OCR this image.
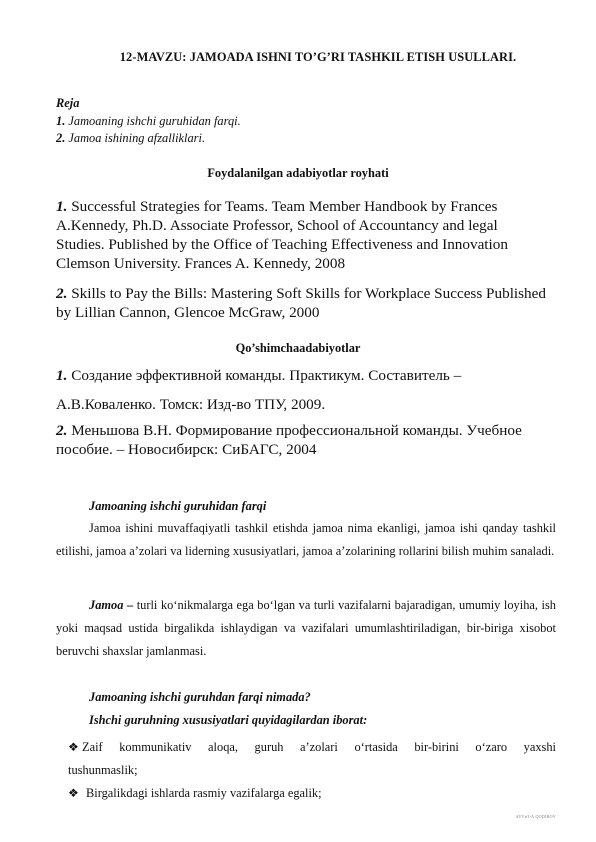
12-MAVZU: JAMOADA ISHNI TO’G’RI TASHKIL ETISH USULLARI.
Reja
1. Jamoaning ishchi guruhidan farqi.
2. Jamoa ishining afzalliklari.
Foydalanilgan adabiyotlar royhati
1. Successful Strategies for Teams. Team Member Handbook by Frances A.Kennedy, Ph.D. Associate Professor, School of Accountancy and legal Studies. Published by the Office of Teaching Effectiveness and Innovation Clemson University. Frances A. Kennedy, 2008
2. Skills to Pay the Bills: Mastering Soft Skills for Workplace Success Published by Lillian Cannon, Glencoe McGraw, 2000
Qo’shimchaadabiyotlar
1. Создание эффективной команды. Практикум. Составитель –
А.В.Коваленко. Томск: Изд-во ТПУ, 2009.
2. Меньшова В.Н. Формирование профессиональной команды. Учебное пособие. – Новосибирск: СиБАГС, 2004
Jamoaning ishchi guruhidan farqi
Jamoa ishini muvaffaqiyatli tashkil etishda jamoa nima ekanligi, jamoa ishi qanday tashkil etilishi, jamoa a’zolari va liderning xususiyatlari, jamoa a’zolarining rollarini bilish muhim sanaladi.
Jamoa – turli ko‘nikmalarga ega bo‘lgan va turli vazifalarni bajaradigan, umumiy loyiha, ish yoki maqsad ustida birgalikda ishlaydigan va vazifalari umumlashtiriladigan, bir-biriga xisobot beruvchi shaxslar jamlanmasi.
Jamoaning ishchi guruhdan farqi nimada?
Ishchi guruhning xususiyatlari quyidagilardan iborat:
❖ Zaif kommunikativ aloqa, guruh a’zolari o‘rtasida bir-birini o‘zaro yaxshi
tushunmaslik;
❖ Birgalikdagi ishlarda rasmiy vazifalarga egalik;
AYVnT-A QODIROV
